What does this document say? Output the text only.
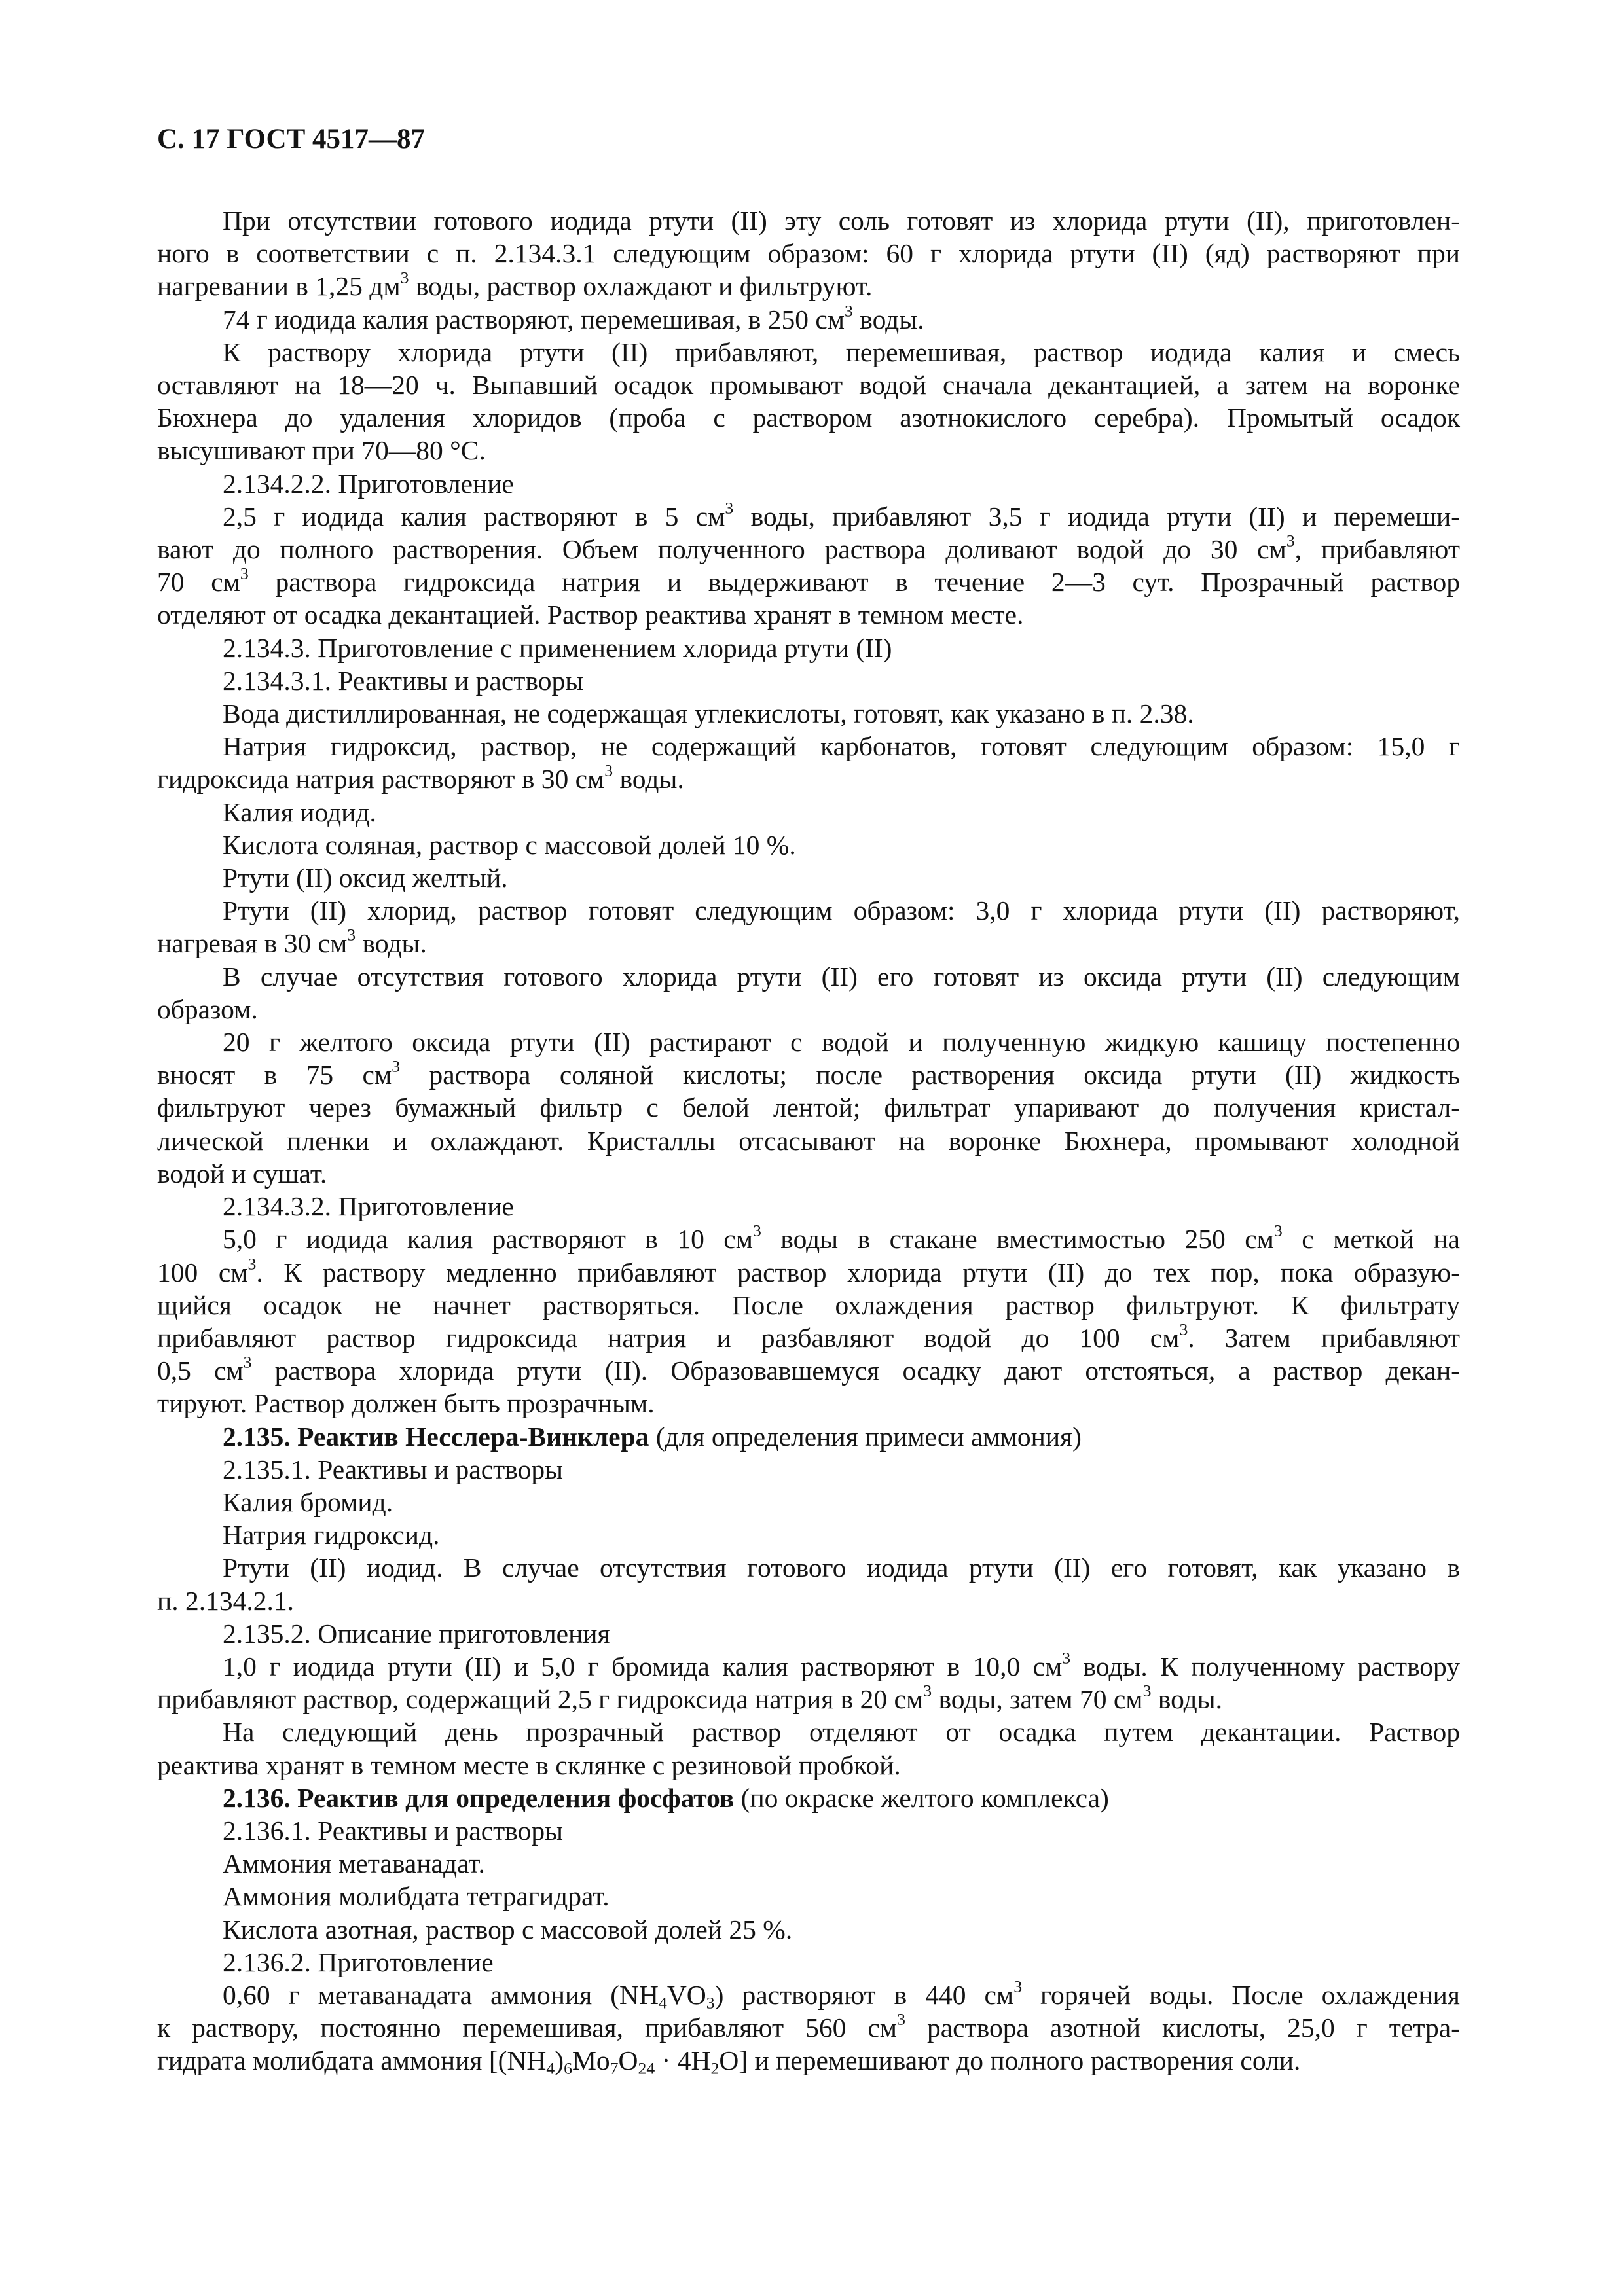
С. 17 ГОСТ 4517—87
При отсутствии готового иодида ртути (II) эту соль готовят из хлорида ртути (II), приготовлен-
ного в соответствии с п. 2.134.3.1 следующим образом: 60 г хлорида ртути (II) (яд) растворяют при
нагревании в 1,25 $дм^3$ воды, раствор охлаждают и фильтруют.
74 г иодида калия растворяют, перемешивая, в 250 $см^3$ воды.
К раствору хлорида ртути (II) прибавляют, перемешивая, раствор иодида калия и смесь
оставляют на 18—20 ч. Выпавший осадок промывают водой сначала декантацией, а затем на воронке
Бюхнера до удаления хлоридов (проба с раствором азотнокислого серебра). Промытый осадок
высушивают при 70—80 °С.
2.134.2.2. Приготовление
2,5 г иодида калия растворяют в 5 $см^3$ воды, прибавляют 3,5 г иодида ртути (II) и перемеши-
вают до полного растворения. Объем полученного раствора доливают водой до 30 $см^3$, прибавляют
70 $см^3$ раствора гидроксида натрия и выдерживают в течение 2—3 сут. Прозрачный раствор
отделяют от осадка декантацией. Раствор реактива хранят в темном месте.
2.134.3. Приготовление с применением хлорида ртути (II)
2.134.3.1. Реактивы и растворы
Вода дистиллированная, не содержащая углекислоты, готовят, как указано в п. 2.38.
Натрия гидроксид, раствор, не содержащий карбонатов, готовят следующим образом: 15,0 г
гидроксида натрия растворяют в 30 $см^3$ воды.
Калия иодид.
Кислота соляная, раствор с массовой долей 10 %.
Ртути (II) оксид желтый.
Ртути (II) хлорид, раствор готовят следующим образом: 3,0 г хлорида ртути (II) растворяют,
нагревая в 30 $см^3$ воды.
В случае отсутствия готового хлорида ртути (II) его готовят из оксида ртути (II) следующим
образом.
20 г желтого оксида ртути (II) растирают с водой и полученную жидкую кашицу постепенно
вносят в 75 $см^3$ раствора соляной кислоты; после растворения оксида ртути (II) жидкость
фильтруют через бумажный фильтр с белой лентой; фильтрат упаривают до получения кристал-
лической пленки и охлаждают. Кристаллы отсасывают на воронке Бюхнера, промывают холодной
водой и сушат.
2.134.3.2. Приготовление
5,0 г иодида калия растворяют в 10 $см^3$ воды в стакане вместимостью 250 $см^3$ с меткой на
100 $см^3$. К раствору медленно прибавляют раствор хлорида ртути (II) до тех пор, пока образую-
щийся осадок не начнет растворяться. После охлаждения раствор фильтруют. К фильтрату
прибавляют раствор гидроксида натрия и разбавляют водой до 100 $см^3$. Затем прибавляют
0,5 $см^3$ раствора хлорида ртути (II). Образовавшемуся осадку дают отстояться, а раствор декан-
тируют. Раствор должен быть прозрачным.
2.135. Реактив Несслера-Винклера (для определения примеси аммония)
2.135.1. Реактивы и растворы
Калия бромид.
Натрия гидроксид.
Ртути (II) иодид. В случае отсутствия готового иодида ртути (II) его готовят, как указано в
п. 2.134.2.1.
2.135.2. Описание приготовления
1,0 г иодида ртути (II) и 5,0 г бромида калия растворяют в 10,0 $см^3$ воды. К полученному раствору
прибавляют раствор, содержащий 2,5 г гидроксида натрия в 20 $см^3$ воды, затем 70 $см^3$ воды.
На следующий день прозрачный раствор отделяют от осадка путем декантации. Раствор
реактива хранят в темном месте в склянке с резиновой пробкой.
2.136. Реактив для определения фосфатов (по окраске желтого комплекса)
2.136.1. Реактивы и растворы
Аммония метаванадат.
Аммония молибдата тетрагидрат.
Кислота азотная, раствор с массовой долей 25 %.
2.136.2. Приготовление
0,60 г метаванадата аммония $(NH_4VO_3)$ растворяют в 440 $см^3$ горячей воды. После охлаждения
к раствору, постоянно перемешивая, прибавляют 560 $см^3$ раствора азотной кислоты, 25,0 г тетра-
гидрата молибдата аммония $[(NH_4)_6Mo_7O_{24} \cdot 4H_2O]$ и перемешивают до полного растворения соли.
